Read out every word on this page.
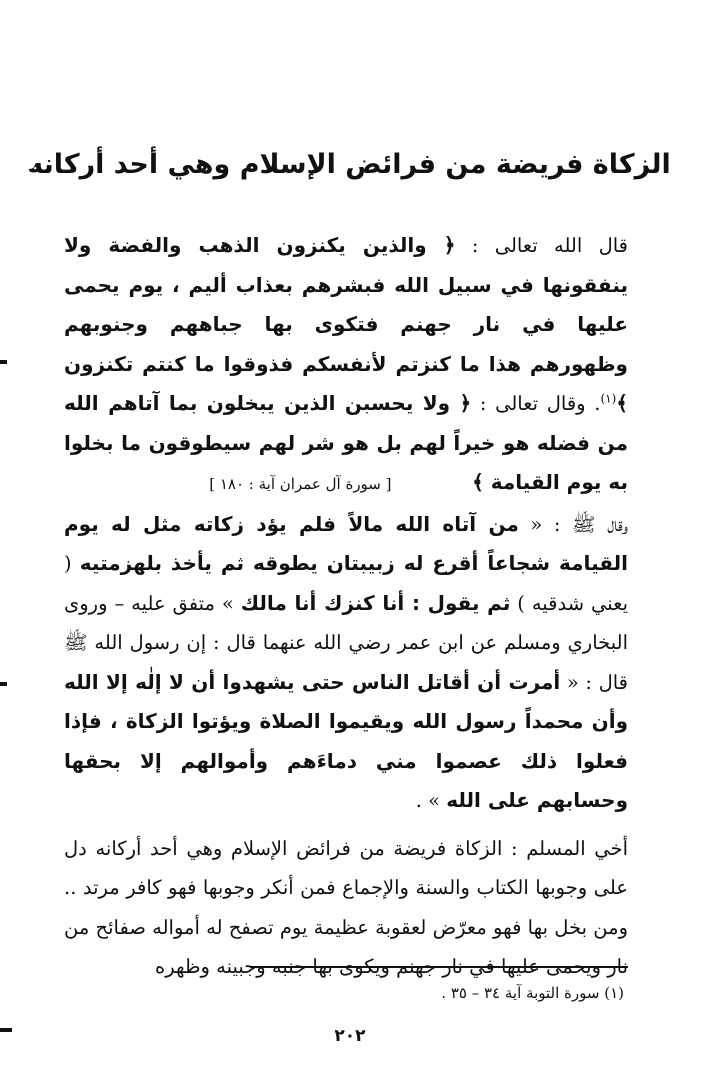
الزكاة فريضة من فرائض الإسلام وهي أحد أركانه

قال الله تعالى : ﴿ والذين يكنزون الذهب والفضة ولا ينفقونها في سبيل الله فبشرهم بعذاب أليم ، يوم يحمى عليها في نار جهنم فتكوى بها جباههم وجنوبهم وظهورهم هذا ما كنزتم لأنفسكم فذوقوا ما كنتم تكنزون ﴾$^{(١)}$. وقال تعالى : ﴿ ولا يحسبن الذين يبخلون بما آتاهم الله من فضله هو خيراً لهم بل هو شر لهم سيطوقون ما بخلوا به يوم القيامة ﴾             [ سورة آل عمران آية : ١٨٠ ]

وقال ﷺ : « من آتاه الله مالاً فلم يؤد زكاته مثل له يوم القيامة شجاعاً أقرع له زبيبتان يطوقه ثم يأخذ بلهزمتيه ( يعني شدقيه ) ثم يقول : أنا كنزك أنا مالك » متفق عليه – وروى البخاري ومسلم عن ابن عمر رضي الله عنهما قال : إن رسول الله ﷺ قال : « أمرت أن أقاتل الناس حتى يشهدوا أن لا إلٰه إلا الله وأن محمداً رسول الله ويقيموا الصلاة ويؤتوا الزكاة ، فإذا فعلوا ذلك عصموا مني دماءَهم وأموالهم إلا بحقها وحسابهم على الله » .

أخي المسلم : الزكاة فريضة من فرائض الإسلام وهي أحد أركانه دل على وجوبها الكتاب والسنة والإجماع فمن أنكر وجوبها فهو كافر مرتد .. ومن بخل بها فهو معرّض لعقوبة عظيمة يوم تصفح له أمواله صفائح من نار ويحمى عليها في نار جهنم ويكوى بها جنبه وجبينه وظهره

(١) سورة التوبة آية ٣٤ – ٣٥ .
٢٠٢
